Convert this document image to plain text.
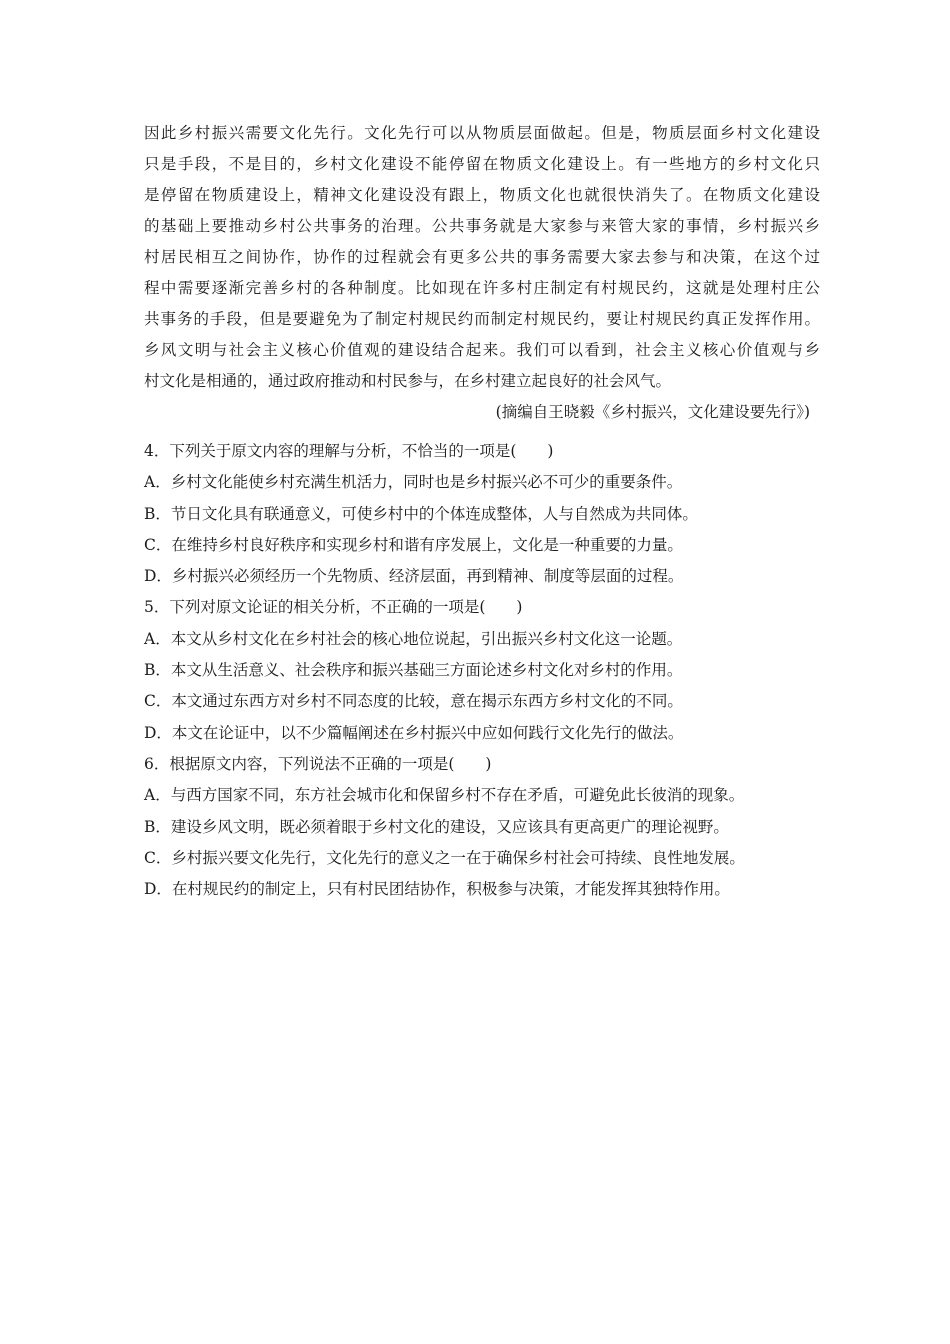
因此乡村振兴需要文化先行。文化先行可以从物质层面做起。但是，物质层面乡村文化建设
只是手段，不是目的，乡村文化建设不能停留在物质文化建设上。有一些地方的乡村文化只
是停留在物质建设上，精神文化建设没有跟上，物质文化也就很快消失了。在物质文化建设
的基础上要推动乡村公共事务的治理。公共事务就是大家参与来管大家的事情，乡村振兴乡
村居民相互之间协作，协作的过程就会有更多公共的事务需要大家去参与和决策，在这个过
程中需要逐渐完善乡村的各种制度。比如现在许多村庄制定有村规民约，这就是处理村庄公
共事务的手段，但是要避免为了制定村规民约而制定村规民约，要让村规民约真正发挥作用。
乡风文明与社会主义核心价值观的建设结合起来。我们可以看到，社会主义核心价值观与乡
村文化是相通的，通过政府推动和村民参与，在乡村建立起良好的社会风气。
(摘编自王晓毅《乡村振兴，文化建设要先行》)
4．下列关于原文内容的理解与分析，不恰当的一项是(　　)
A．乡村文化能使乡村充满生机活力，同时也是乡村振兴必不可少的重要条件。
B．节日文化具有联通意义，可使乡村中的个体连成整体，人与自然成为共同体。
C．在维持乡村良好秩序和实现乡村和谐有序发展上，文化是一种重要的力量。
D．乡村振兴必须经历一个先物质、经济层面，再到精神、制度等层面的过程。
5．下列对原文论证的相关分析，不正确的一项是(　　)
A．本文从乡村文化在乡村社会的核心地位说起，引出振兴乡村文化这一论题。
B．本文从生活意义、社会秩序和振兴基础三方面论述乡村文化对乡村的作用。
C．本文通过东西方对乡村不同态度的比较，意在揭示东西方乡村文化的不同。
D．本文在论证中，以不少篇幅阐述在乡村振兴中应如何践行文化先行的做法。
6．根据原文内容，下列说法不正确的一项是(　　)
A．与西方国家不同，东方社会城市化和保留乡村不存在矛盾，可避免此长彼消的现象。
B．建设乡风文明，既必须着眼于乡村文化的建设，又应该具有更高更广的理论视野。
C．乡村振兴要文化先行，文化先行的意义之一在于确保乡村社会可持续、良性地发展。
D．在村规民约的制定上，只有村民团结协作，积极参与决策，才能发挥其独特作用。
